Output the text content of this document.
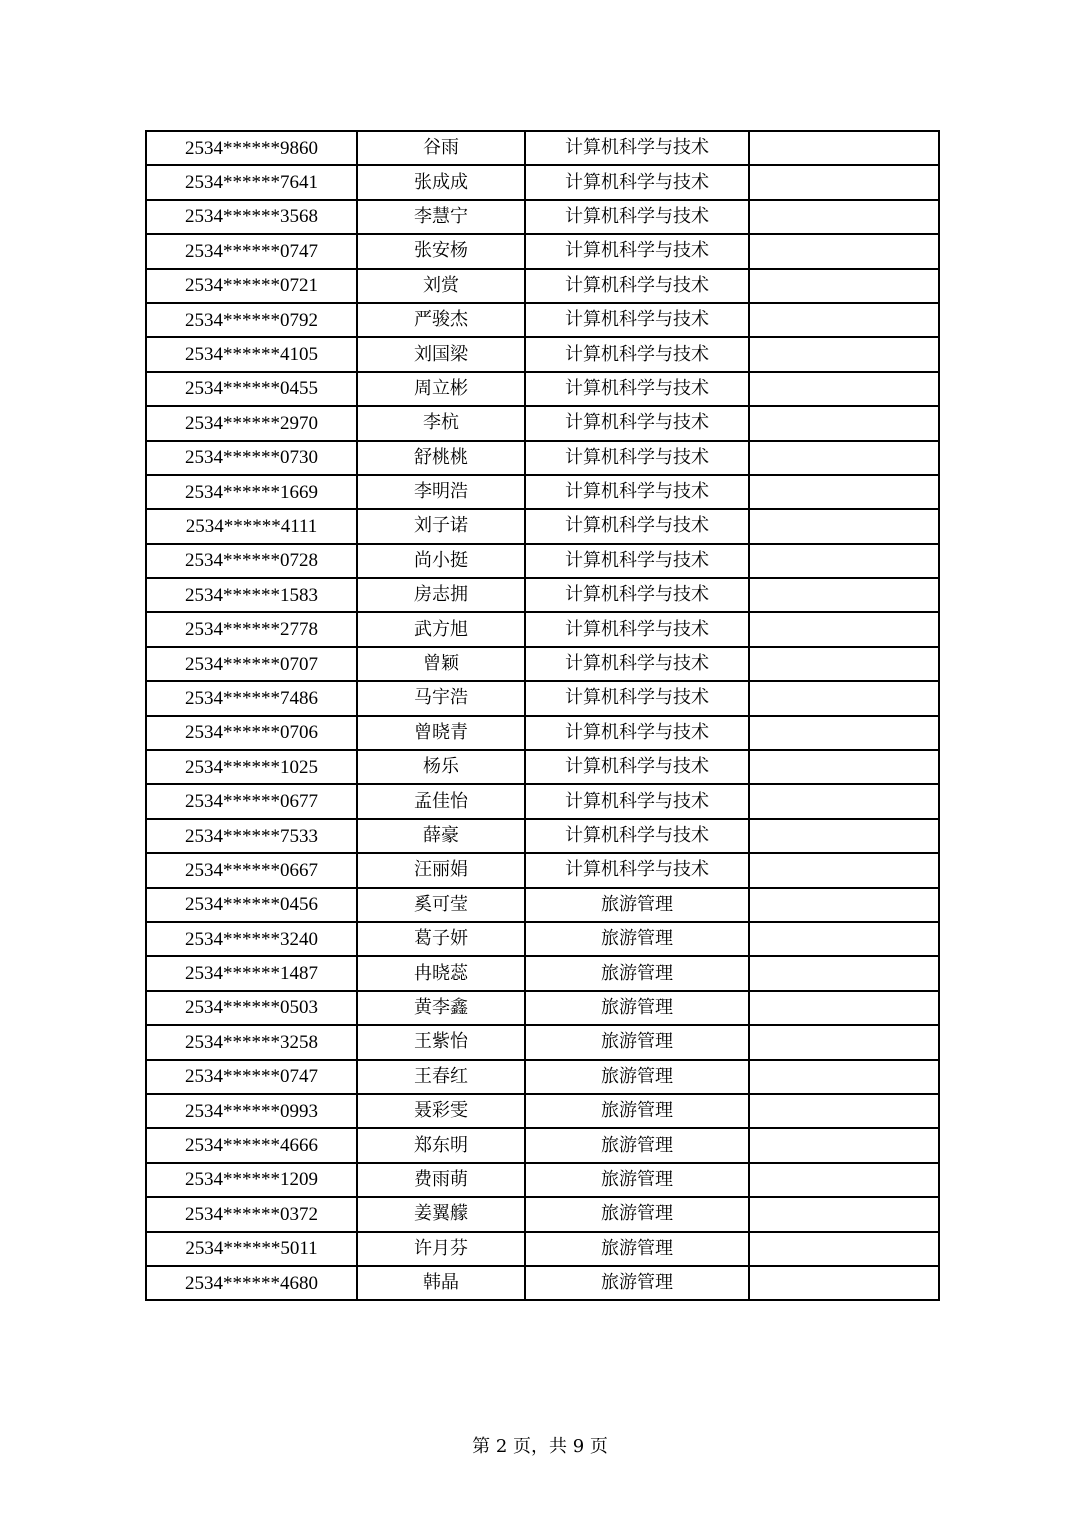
2534******9860	谷雨	计算机科学与技术	
2534******7641	张成成	计算机科学与技术	
2534******3568	李慧宁	计算机科学与技术	
2534******0747	张安杨	计算机科学与技术	
2534******0721	刘赏	计算机科学与技术	
2534******0792	严骏杰	计算机科学与技术	
2534******4105	刘国梁	计算机科学与技术	
2534******0455	周立彬	计算机科学与技术	
2534******2970	李杭	计算机科学与技术	
2534******0730	舒桃桃	计算机科学与技术	
2534******1669	李明浩	计算机科学与技术	
2534******4111	刘子诺	计算机科学与技术	
2534******0728	尚小挺	计算机科学与技术	
2534******1583	房志拥	计算机科学与技术	
2534******2778	武方旭	计算机科学与技术	
2534******0707	曾颖	计算机科学与技术	
2534******7486	马宇浩	计算机科学与技术	
2534******0706	曾晓青	计算机科学与技术	
2534******1025	杨乐	计算机科学与技术	
2534******0677	孟佳怡	计算机科学与技术	
2534******7533	薛豪	计算机科学与技术	
2534******0667	汪丽娟	计算机科学与技术	
2534******0456	奚可莹	旅游管理	
2534******3240	葛子妍	旅游管理	
2534******1487	冉晓蕊	旅游管理	
2534******0503	黄李鑫	旅游管理	
2534******3258	王紫怡	旅游管理	
2534******0747	王春红	旅游管理	
2534******0993	聂彩雯	旅游管理	
2534******4666	郑东明	旅游管理	
2534******1209	费雨萌	旅游管理	
2534******0372	姜翼艨	旅游管理	
2534******5011	许月芬	旅游管理	
2534******4680	韩晶	旅游管理	
第 2 页，共 9 页
